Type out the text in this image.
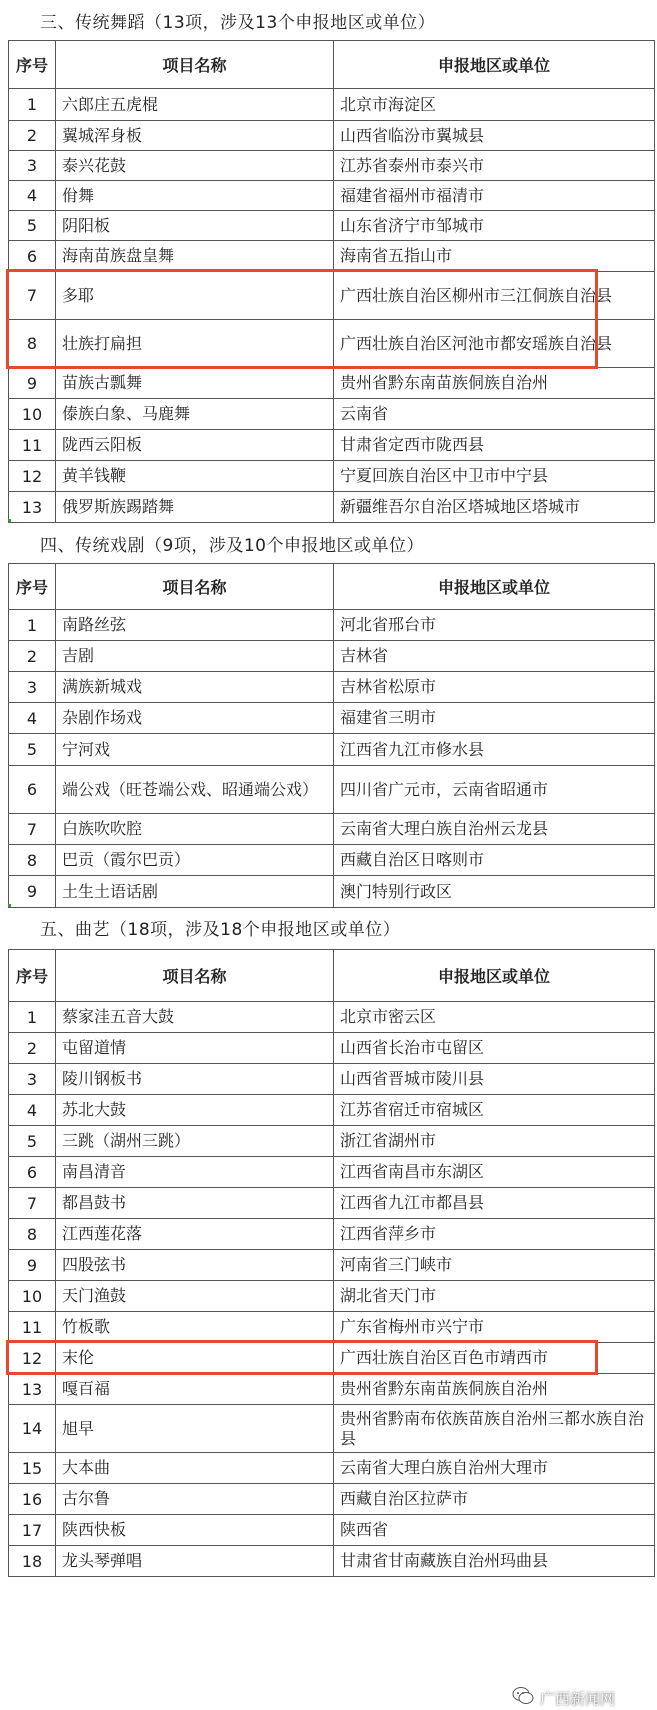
三、传统舞蹈（13项，涉及13个申报地区或单位）
序号	项目名称	申报地区或单位
1	六郎庄五虎棍	北京市海淀区
2	翼城浑身板	山西省临汾市翼城县
3	泰兴花鼓	江苏省泰州市泰兴市
4	佾舞	福建省福州市福清市
5	阴阳板	山东省济宁市邹城市
6	海南苗族盘皇舞	海南省五指山市
7	多耶	广西壮族自治区柳州市三江侗族自治县
8	壮族打扁担	广西壮族自治区河池市都安瑶族自治县
9	苗族古瓢舞	贵州省黔东南苗族侗族自治州
10	傣族白象、马鹿舞	云南省
11	陇西云阳板	甘肃省定西市陇西县
12	黄羊钱鞭	宁夏回族自治区中卫市中宁县
13	俄罗斯族踢踏舞	新疆维吾尔自治区塔城地区塔城市
四、传统戏剧（9项，涉及10个申报地区或单位）
序号	项目名称	申报地区或单位
1	南路丝弦	河北省邢台市
2	吉剧	吉林省
3	满族新城戏	吉林省松原市
4	杂剧作场戏	福建省三明市
5	宁河戏	江西省九江市修水县
6	端公戏（旺苍端公戏、昭通端公戏）	四川省广元市，云南省昭通市
7	白族吹吹腔	云南省大理白族自治州云龙县
8	巴贡（霞尔巴贡）	西藏自治区日喀则市
9	土生土语话剧	澳门特别行政区
五、曲艺（18项，涉及18个申报地区或单位）
序号	项目名称	申报地区或单位
1	蔡家洼五音大鼓	北京市密云区
2	屯留道情	山西省长治市屯留区
3	陵川钢板书	山西省晋城市陵川县
4	苏北大鼓	江苏省宿迁市宿城区
5	三跳（湖州三跳）	浙江省湖州市
6	南昌清音	江西省南昌市东湖区
7	都昌鼓书	江西省九江市都昌县
8	江西莲花落	江西省萍乡市
9	四股弦书	河南省三门峡市
10	天门渔鼓	湖北省天门市
11	竹板歌	广东省梅州市兴宁市
12	末伦	广西壮族自治区百色市靖西市
13	嘎百福	贵州省黔东南苗族侗族自治州
14	旭早	贵州省黔南布依族苗族自治州三都水族自治县
15	大本曲	云南省大理白族自治州大理市
16	古尔鲁	西藏自治区拉萨市
17	陕西快板	陕西省
18	龙头琴弹唱	甘肃省甘南藏族自治州玛曲县
广西新闻网
